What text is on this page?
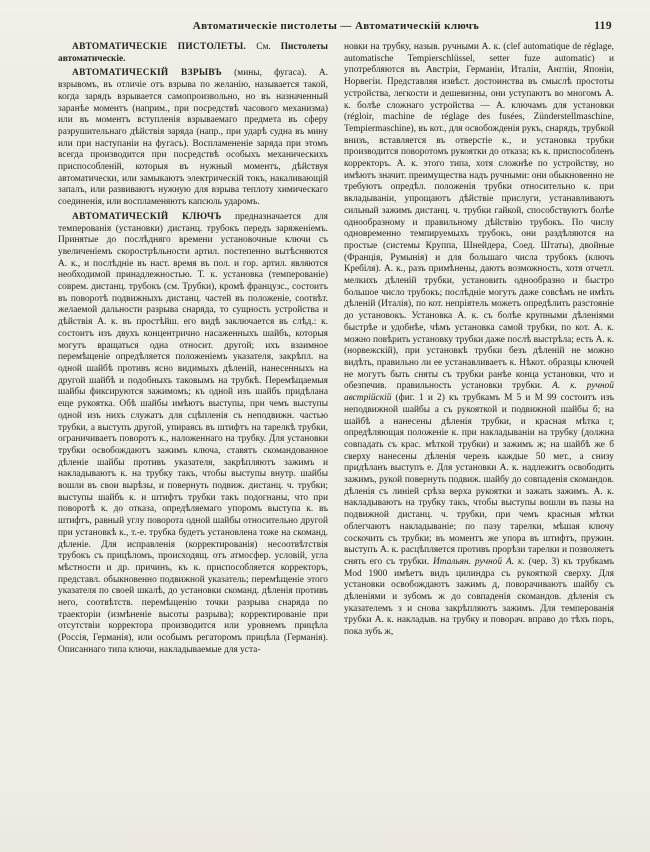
Автоматическіе пистолеты — Автоматическій ключъ	119

АВТОМАТИЧЕСКІЕ ПИСТОЛЕТЫ. См. Пистолеты автоматическіе.

АВТОМАТИЧЕСКІЙ ВЗРЫВЪ (мины, фугаса). А. взрывомъ, въ отличіе отъ взрыва по желанію, называется такой, когда зарядъ взрывается самопроизвольно, но въ назначенный заранѣе моментъ (наприм., при посредствѣ часового механизма) или въ моментъ вступленія взрываемаго предмета въ сферу разрушительнаго дѣйствія заряда (напр., при ударѣ судна въ мину или при наступаніи на фугасъ). Воспламененіе заряда при этомъ всегда производится при посредствѣ особыхъ механическихъ приспособленій, которыя въ нужный моментъ, дѣйствуя автоматически, или замыкаютъ электрическій токъ, накаливающій запалъ, или развиваютъ нужную для взрыва теплоту химическаго соединенія, или воспламеняютъ капсюль ударомъ.

АВТОМАТИЧЕСКІЙ КЛЮЧЪ предназначается для темперованія (установки) дистанц. трубокъ передъ заряженіемъ. Принятые до послѣдняго времени установочные ключи съ увеличеніемъ скорострѣльности артил. постепенно вытѣсняются А. к., и послѣдніе въ наст. время въ пол. и гор. артил. являются необходимой принадлежностью. Т. к. установка (темперованіе) соврем. дистанц. трубокъ (см. Трубки), кромѣ французс., состоитъ въ поворотѣ подвижныхъ дистанц. частей въ положеніе, соотвѣт. желаемой дальности разрыва снаряда, то сущность устройства и дѣйствія А. к. въ простѣйш. его видѣ заключается въ слѣд.: к. состоитъ изъ двухъ концентрично насаженныхъ шайбъ, которыя могутъ вращаться одна относит. другой; ихъ взаимное перемѣщеніе опредѣляется положеніемъ указателя, закрѣпл. на одной шайбѣ противъ ясно видимыхъ дѣленій, нанесенныхъ на другой шайбѣ и подобныхъ таковымъ на трубкѣ. Перемѣщаемыя шайбы фиксируются зажимомъ; къ одной изъ шайбъ придѣлана еще рукоятка. Обѣ шайбы имѣютъ выступы, при чемъ выступы одной изъ нихъ служатъ для сцѣпленія съ неподвижн. частью трубки, а выступъ другой, упираясь въ штифтъ на тарелкѣ трубки, ограничиваетъ поворотъ к., наложеннаго на трубку. Для установки трубки освобождаютъ зажимъ ключа, ставятъ скомандованное дѣленіе шайбы противъ указателя, закрѣпляютъ зажимъ и накладываютъ к. на трубку такъ, чтобы выступы внутр. шайбы вошли въ свои вырѣзы, и повернуть подвиж. дистанц. ч. трубки; выступы шайбъ к. и штифтъ трубки такъ подогнаны, что при поворотѣ к. до отказа, опредѣляемаго упоромъ выступа к. въ штифтъ, равный углу поворота одной шайбы относительно другой при установкѣ к., т.-е. трубка будетъ установлена тоже на скоманд. дѣленіе. Для исправленія (корректированія) несоотвѣтствія трубокъ съ прицѣломъ, происходящ. отъ атмосфер. условій, угла мѣстности и др. причинъ, къ к. приспособляется корректоръ, представл. обыкновенно подвижной указатель; перемѣщеніе этого указателя по своей шкалѣ, до установки скоманд. дѣленія противъ него, соотвѣтств. перемѣщенію точки разрыва снаряда по траекторіи (измѣненіе высоты разрыва); корректированіе при отсутствіи корректора производится или уровнемъ прицѣла (Россія, Германія), или особымъ регаторомъ прицѣла (Германія). Описаннаго типа ключи, накладываемые для уста-

новки на трубку, назыв. ручными А. к. (clef automatique de réglage, automatische Tempierschlüssel, setter fuze automatic) и употребляются въ Австріи, Германіи, Италіи, Англіи, Японіи, Норвегіи. Представляя извѣст. достоинства въ смыслѣ простоты устройства, легкости и дешевизны, они уступаютъ во многомъ А. к. болѣе сложнаго устройства — А. ключамъ для установки (régloir, machine de réglage des fusées, Zünderstellmaschine, Tempiermaschine), въ кот., для освобожденія рукъ, снарядъ, трубкой внизъ, вставляется въ отверстіе к., и установка трубки производится поворотомъ рукоятки до отказа; къ к. приспособленъ корректоръ. А. к. этого типа, хотя сложнѣе по устройству, но имѣютъ значит. преимущества надъ ручными: они обыкновенно не требуютъ опредѣл. положенія трубки относительно к. при вкладываніи, упрощаютъ дѣйствіе прислуги, устанавливаютъ сильный зажимъ дистанц. ч. трубки гайкой, способствуютъ болѣе однообразному и правильному дѣйствію трубокъ. По числу одновременно темпируемыхъ трубокъ, они раздѣляются на простые (системы Круппа, Шнейдера, Соед. Штаты), двойные (Франція, Румынія) и для большаго числа трубокъ (ключъ Кребіля). А. к., разъ примѣнены, даютъ возможность, хотя отчетл. мелкихъ дѣленій трубки, установить однообразно и быстро большое число трубокъ; послѣдніе могутъ даже совсѣмъ не имѣть дѣленій (Италія), по кот. непріятель можетъ опредѣлить разстояніе до установокъ. Установка А. к. съ болѣе крупными дѣленіями быстрѣе и удобнѣе, чѣмъ установка самой трубки, по кот. А. к. можно повѣрить установку трубки даже послѣ выстрѣла; есть А. к. (норвежскій), при установкѣ трубки безъ дѣленій не можно видѣть, правильно ли ее устанавливаетъ к. Нѣкот. образцы ключей не могутъ быть сняты съ трубки ранѣе конца установки, что и обезпечив. правильность установки трубки. А. к. ручной австрійскій (фиг. 1 и 2) къ трубкамъ М 5 и М 99 состоитъ изъ неподвижной шайбы а съ рукояткой и подвижной шайбы б; на шайбѣ а нанесены дѣленія трубки, и красная мѣтка г, опредѣляющая положеніе к. при накладываніи на трубку (должна совпадать съ крас. мѣткой трубки) и зажимъ ж; на шайбѣ же б сверху нанесены дѣленія черезъ каждые 50 мет., а снизу придѣланъ выступъ е. Для установки А. к. надлежитъ освободить зажимъ, рукой повернуть подвиж. шайбу до совпаденія скомандов. дѣленія съ линіей срѣза верха рукоятки и зажать зажимъ. А. к. накладываютъ на трубку такъ, чтобы выступы вошли въ пазы на подвижной дистанц. ч. трубки, при чемъ красныя мѣтки облегчаютъ накладываніе; по пазу тарелки, мѣшая ключу соскочить съ трубки; въ моментъ же упора въ штифтъ, пружин. выступъ А. к. расцѣпляется противъ прорѣзи тарелки и позволяетъ снять его съ трубки. Итальян. ручной А. к. (чер. 3) къ трубкамъ Mod 1900 имѣетъ видъ цилиндра съ рукояткой сверху. Для установки освобождаютъ зажимъ д, поворачиваютъ шайбу съ дѣленіями и зубомъ ж до совпаденія скомандов. дѣленія съ указателемъ з и снова закрѣпляютъ зажимъ. Для темперованія трубки А. к. накладыв. на трубку и поворач. вправо до тѣхъ поръ, пока зубъ ж,
